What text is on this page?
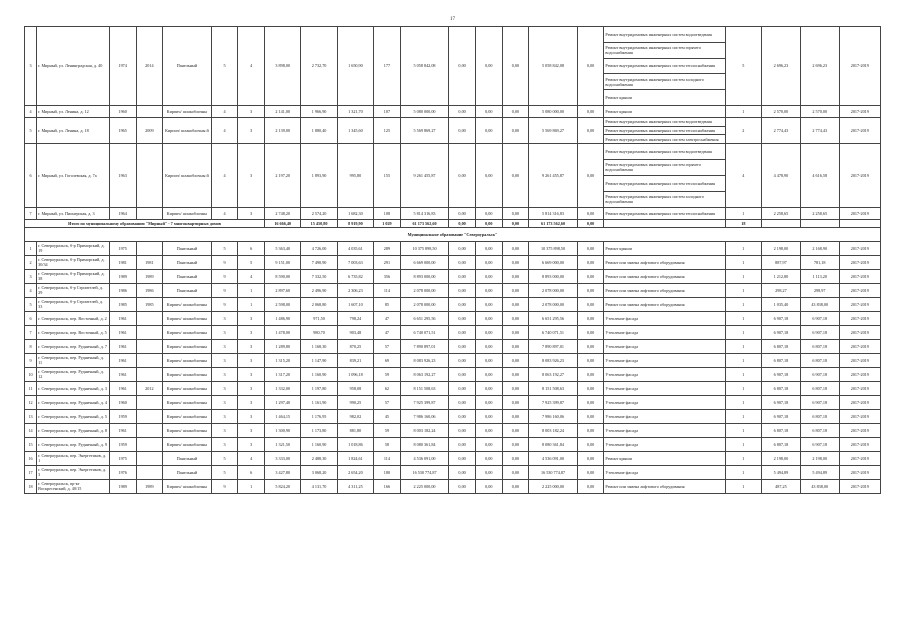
17
3	г. Мирный, ул. Ленинградская, д. 40	1974	2014	Панельный	5	4	3 898,00	2 732,70	1 650,90	177	5 058 842,08	0,00	0,00	0,00	5 058 842,08	0,00	Ремонт внутридомовых инженерных систем водоотведения	5	2 696,23	2 696,23	2017-2019
																	Ремонт внутридомовых инженерных систем горячего водоснабжения				
																	Ремонт внутридомовых инженерных систем теплоснабжения				
																	Ремонт внутридомовых инженерных систем холодного водоснабжения				
																	Ремонт крыши				
4	г. Мирный, ул. Ленина, д. 12	1960		Кирпич/ шлакоблочны	4	3	2 141,00	1 966,90	1 321,70	107	5 080 000,00	0,00	0,00	0,00	5 080 000,00	0,00	Ремонт крыши	1	2 570,00	2 570,00	2017-2019
5	г. Мирный, ул. Ленина, д. 18	1965	2009	Кирпич/ шлакоблочны й	4	3	2 139,00	1 880,40	1 345,60	125	5 569 869,27	0,00	0,00	0,00	5 569 869,27	0,00	Ремонт внутридомовых инженерных систем водоотведения	2	2 774,43	2 774,43	2017-2019
																	Ремонт внутридомовых инженерных систем теплоснабжения				
																	Ремонт внутридомовых инженерных систем электроснабжения				
6	г. Мирный, ул. Гоголевская, д. 7а	1963		Кирпич/ шлакоблочны й	4	3	2 197,20	1 893,90	995,80	155	9 261 455,87	0,00	0,00	0,00	9 261 455,87	0,00	Ремонт внутридомовых инженерных систем водоотведения	4	4 478,90	4 616,58	2017-2019
																	Ремонт внутридомовых инженерных систем горячего водоснабжения				
																	Ремонт внутридомовых инженерных систем теплоснабжения				
																	Ремонт внутридомовых инженерных систем холодного водоснабжения				
7	г. Мирный, ул. Пионерская, д. 3	1964		Кирпич/ шлакоблочны	4	3	2 748,20	2 574,20	1 682,30	108	5 814 316,83	0,00	0,00	0,00	5 814 316,83	0,00	Ремонт внутридомовых инженерных систем теплоснабжения	1	2 258,65	2 258,65	2017-2019
Итого по муниципальному образованию "Мирный" - 7 многоквартирных домов							16 666,40	15 450,80	8 919,90	1 029	61 173 562,60	0,00	0,00	0,00	61 173 562,60	0,00		18			
Муниципальное образование "Североуральск"																					
1	г. Североуральск, б-р Приморский, д. 19	1975		Панельный	5	6	5 363,40	4 726,00	4 035,61	289	10 375 898,50	0,00	0,00	0,00	10 375 898,50	0,00	Ремонт крыши	1	2 198,00	2 168,90	2017-2019
2	г. Североуральск, б-р Приморский, д. 30/34	1981	1981	Панельный	9	5	9 151,00	7 490,90	7 003,63	291	6 669 000,00	0,00	0,00	0,00	6 669 000,00	0,00	Ремонт или замена лифтового оборудования	1	887,97	781,18	2017-2019
3	г. Североуральск, б-р Приморский, д. 38	1989	1989	Панельный	9	4	8 590,00	7 332,50	6 735,82	356	8 893 000,00	0,00	0,00	0,00	8 893 000,00	0,00	Ремонт или замена лифтового оборудования	1	1 212,80	1 113,20	2017-2019
4	г. Североуральск, б-р Строителей, д. 29	1986	1986	Панельный	9	1	2 897,60	2 496,90	2 306,23	114	2 078 000,00	0,00	0,00	0,00	2 078 000,00	0,00	Ремонт или замена лифтового оборудования	1	298,27	298,97	2017-2019
5	г. Североуральск, б-р Строителей, д. 33	1985	1985	Кирпич/ шлакоблочны	9	1	2 598,00	2 068,80	1 607,10	85	2 078 000,00	0,00	0,00	0,00	2 078 000,00	0,00	Ремонт или замена лифтового оборудования	1	1 035,40	43 838,00	2017-2019
6	г. Североуральск, пер. Восточный, д. 2	1961		Кирпич/ шлакоблочны	3	3	1 486,90	971,50	798,24	47	6 651 295,56	0,00	0,00	0,00	6 651 295,56	0,00	Утепление фасада	1	6 907,18	6 907,18	2017-2019
7	г. Североуральск, пер. Восточный, д. 5	1961		Кирпич/ шлакоблочны	3	3	1 478,00	980,70	903,48	47	6 740 071,51	0,00	0,00	0,00	6 740 071,51	0,00	Утепление фасада	1	6 907,18	6 907,18	2017-2019
8	г. Североуральск, пер. Рудничный, д. 7	1961		Кирпич/ шлакоблочны	3	3	1 289,80	1 168,30	870,25	57	7 890 897,01	0,00	0,00	0,00	7 890 897,01	0,00	Утепление фасада	1	6 807,18	6 807,18	2017-2019
9	г. Североуральск, пер. Рудничный, д. 11	1961		Кирпич/ шлакоблочны	3	3	1 315,20	1 147,90	839,21	69	8 083 926,23	0,00	0,00	0,00	8 083 926,23	0,00	Утепление фасада	1	6 807,18	6 807,18	2017-2019
10	г. Североуральск, пер. Рудничный, д. 12	1961		Кирпич/ шлакоблочны	3	3	1 317,20	1 160,90	1 096,18	59	8 063 192,27	0,00	0,00	0,00	8 063 192,27	0,00	Утепление фасада	1	6 907,18	6 907,18	2017-2019
11	г. Североуральск, пер. Рудничный, д. 3	1961	2012	Кирпич/ шлакоблочны	3	3	1 332,00	1 197,80	958,08	62	8 151 508,63	0,00	0,00	0,00	8 151 508,63	0,00	Утепление фасада	1	6 807,18	6 807,18	2017-2019
12	г. Североуральск, пер. Рудничный, д. 4	1960		Кирпич/ шлакоблочны	3	3	1 297,40	1 161,90	990,25	57	7 925 399,87	0,00	0,00	0,00	7 925 399,87	0,00	Утепление фасада	1	6 907,18	6 907,18	2017-2019
13	г. Североуральск, пер. Рудничный, д. 5	1959		Кирпич/ шлакоблочны	3	3	1 464,15	1 176,95	982,02	45	7 986 160,06	0,00	0,00	0,00	7 986 160,06	0,00	Утепление фасада	1	6 907,18	6 807,18	2017-2019
14	г. Североуральск, пер. Рудничный, д. 8	1961		Кирпич/ шлакоблочны	3	3	1 300,90	1 173,80	881,80	59	8 003 182,24	0,00	0,00	0,00	8 003 182,24	0,00	Утепление фасада	1	6 807,18	6 807,18	2017-2019
15	г. Североуральск, пер. Рудничный, д. 9	1959		Кирпич/ шлакоблочны	3	3	1 321,50	1 160,90	1 018,86	58	8 080 361,84	0,00	0,00	0,00	8 080 361,84	0,00	Утепление фасада	1	6 807,18	6 907,18	2017-2019
16	г. Североуральск, пер. Энергетиков, д. 1	1975		Панельный	5	4	3 333,00	2 488,30	1 824,61	114	4 536 091,00	0,00	0,00	0,00	4 536 091,00	0,00	Ремонт крыши	1	2 198,00	2 198,00	2017-2019
17	г. Североуральск, пер. Энергетиков, д. 3	1976		Панельный	5	6	3 427,80	3 068,20	2 654,20	180	16 530 774,87	0,00	0,00	0,00	16 530 774,87	0,00	Утепление фасада	1	5 494,89	5 494,89	2017-2019
18	г. Североуральск, пр-кт Воскресенский, д. 40/15	1989	1989	Кирпич/ шлакоблочны	9	1	5 824,20	4 131,70	4 311,25	166	2 225 000,00	0,00	0,00	0,00	2 225 000,00	0,00	Ремонт или замена лифтового оборудования	1	487,25	43 838,00	2017-2019
